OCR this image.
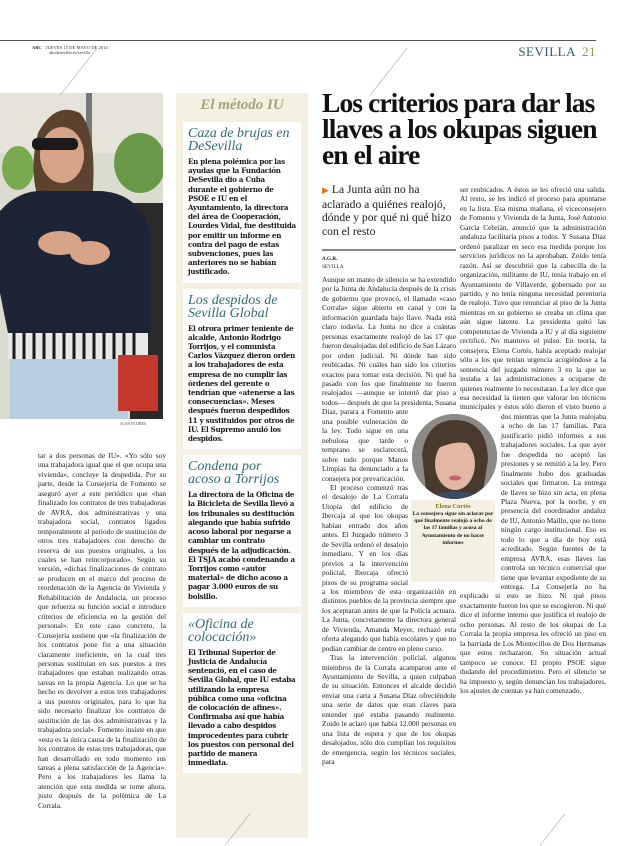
ABC JUEVES 15 DE MAYO DE 2014
abcdesevilla.es/sevilla	SEVILLA 21
JUAN FLORES

tar a dos personas de IU». «Yo sólo soy una trabajadora igual que el que ocupa una vivienda», concluye la despedida. Por su parte, desde la Consejería de Fomento se aseguró ayer a este periódico que «han finalizado los contratos de tres trabajadoras de AVRA, dos administrativas y una trabajadora social, contratos ligados temporalmente al periodo de sustitución de otros tres trabajadores con derecho de reserva de sus puestos originales, a los cuales se han reincorporado». Según su versión, «dichas finalizaciones de contrato se producen en el marco del proceso de reordenación de la Agencia de Vivienda y Rehabilitación de Andalucía, un proceso que refuerza su función social e introduce criterios de eficiencia en la gestión del personal». En este caso concreto, la Consejería sostiene que «la finalización de los contratos pone fin a una situación claramente ineficiente, en la cual tres personas sustituían en sus puestos a tres trabajadores que estaban realizando otras tareas en la propia Agencia. Lo que se ha hecho es devolver a estos tres trabajadores a sus puestos originales, para lo que ha sido necesario finalizar los contratos de sustitución de las dos administrativas y la trabajadora social». Fomento insiste en que «esta es la única causa de la finalización de los contratos de estas tres trabajadoras, que han desarrollado en todo momento sus tareas a plena satisfacción de la Agencia». Pero a los trabajadores les llama la atención que esta medida se tome ahora, justo después de la polémica de La Corrala.

El método IU
Caza de brujas en DeSevilla
En plena polémica por las ayudas que la Fundación DeSevilla dio a Cuba durante el gobierno de PSOE e IU en el Ayuntamiento, la directora del área de Cooperación, Lourdes Vidal, fue destituida por emitir un informe en contra del pago de estas subvenciones, pues las anteriores no se habían justificado.
Los despidos de Sevilla Global
El otrora primer teniente de alcalde, Antonio Rodrigo Torrijos, y el comunista Carlos Vázquez dieron orden a los trabajadores de esta empresa de no cumplir las órdenes del gerente o tendrían que «atenerse a las consecuencias». Meses después fueron despedidos 11 y sustituidos por otros de IU. El Supremo anuló los despidos.
Condena por acoso a Torrijos
La directora de la Oficina de la Bicicleta de Sevilla llevó a los tribunales su destitución alegando que había sufrido acoso laboral por negarse a cambiar un contrato después de la adjudicación. El TSJA acabó condenando a Torrijos como «autor material» de dicho acoso a pagar 3.000 euros de su bolsillo.
«Oficina de colocación»
El Tribunal Superior de Justicia de Andalucía sentenció, en el caso de Sevilla Global, que IU estaba utilizando la empresa pública como una «oficina de colocación de afines». Confirmaba así que había llevado a cabo despidos improcedentes para cubrir los puestos con personal del partido de manera inmediata.
Los criterios para dar las llaves a los okupas siguen en el aire
▶ La Junta aún no ha aclarado a quiénes realojó, dónde y por qué ni qué hizo con el resto
A.G.R.
SEVILLA

Aunque un manto de silencio se ha extendido por la Junta de Andalucía después de la crisis de gobierno que provocó, el llamado «caso Corrala» sigue abierto en canal y con la información guardada bajo llave. Nada está claro todavía. La Junta no dice a cuántas personas exactamente realojó de las 17 que fueron desalojadas del edificio de San Lázaro por orden judicial. Ni dónde han sido reubicadas. Ni cuáles han sido los criterios exactos para tomar esta decisión. Ni qué ha pasado con los que finalmente no fueron realojados —aunque se intentó dar piso a todos— después de que la presidenta, Susana Díaz, parara a Fomento ante una posible vulneración de la ley. Todo sigue en una nebulosa que tarde o temprano se esclarecerá, sobre todo porque Manos Limpias ha denunciado a la consejera por prevaricación.

El proceso comenzó tras el desalojo de La Corrala Utopía del edificio de Ibercaja al que los okupas habían entrado dos años antes. El Juzgado número 3 de Sevilla ordenó el desalojo inmediato. Y en los días previos a la intervención policial, Ibercaja ofreció pisos de su programa social a los miembros de esta organización en distintos pueblos de la provincia siempre que los aceptaran antes de que la Policía actuara. La Junta, concretamente la directora general de Vivienda, Amanda Meyer, rechazó esta oferta alegando que había escolares y que no podían cambiar de centro en pleno curso.

Tras la intervención policial, algunos miembros de la Corrala acamparon ante el Ayuntamiento de Sevilla, a quien culpaban de su situación. Entonces el alcalde decidió enviar una carta a Susana Díaz ofreciéndole una serie de datos que eran claves para entender qué estaba pasando realmente. Zoido le aclaró que había 12.000 personas en una lista de espera y que de los okupas desalojados, sólo dos cumplían los requisitos de emergencia, según los técnicos sociales, para

ser reubicados. A éstos se les ofreció una salida. Al resto, se les indicó el proceso para apuntarse en la lista. Esa misma mañana, el viceconsejero de Fomento y Vivienda de la Junta, José Antonio García Cebrián, anunció que la administración andaluza facilitaría pisos a todos. Y Susana Díaz ordenó paralizar en seco esa medida porque los servicios jurídicos no la aprobaban. Zoido tenía razón. Así se descubrió que la cabecilla de la organización, militante de IU, tenía trabajo en el Ayuntamiento de Villaverde, gobernado por su partido, y no tenía ninguna necesidad perentoria de realojo. Tuvo que renunciar al piso de la Junta mientras en su gobierno se creaba un clima que aún sigue latente. La presidenta quitó las competencias de Vivienda a IU y al día siguiente rectificó. No mantuvo el pulso. En teoría, la consejera, Elena Cortés, había aceptado realojar sólo a los que tenían urgencia acogiéndose a la sentencia del juzgado número 3 en la que se instaba a las administraciones a ocuparse de quienes realmente lo necesitaran. La ley dice que esa necesidad la tienen que valorar los técnicos municipales y éstos sólo dieron el visto bueno a dos mientras que la Junta realojaba a ocho de las 17 familias. Para justificarlo pidió informes a sus trabajadores sociales. La que ayer fue despedida no aceptó las presiones y se remitió a la ley. Pero finalmente hubo dos graduadas sociales que firmaron. La entrega de llaves se hizo sin acta, en plena Plaza Nueva, por la noche, y en presencia del coordinador andaluz de IU, Antonio Maíllo, que no tiene ningún cargo institucional. Eso es todo lo que a día de hoy está acreditado. Según fuentes de la empresa AVRA, esas llaves las controla un técnico comercial que tiene que levantar expediente de su entrega. La Consejería no ha explicado si esto se hizo. Ni qué pisos exactamente fueron los que se escogieron. Ni qué dice el informe interno que justifica el realojo de ocho personas. Al resto de los okupas de La Corrala la propia empresa les ofreció un piso en la barriada de Los Montecillos de Dos Hermanas que estos rechazaron. Su situación actual tampoco se conoce. El propio PSOE sigue dudando del procedimiento. Pero el silencio se ha impuesto y, según denuncian los trabajadores, los ajustes de cuentas ya han comenzado.

Elena Cortés
La consejera sigue sin aclarar por qué finalmente realojó a ocho de las 17 familias y acusa al Ayuntamiento de no hacer informes
